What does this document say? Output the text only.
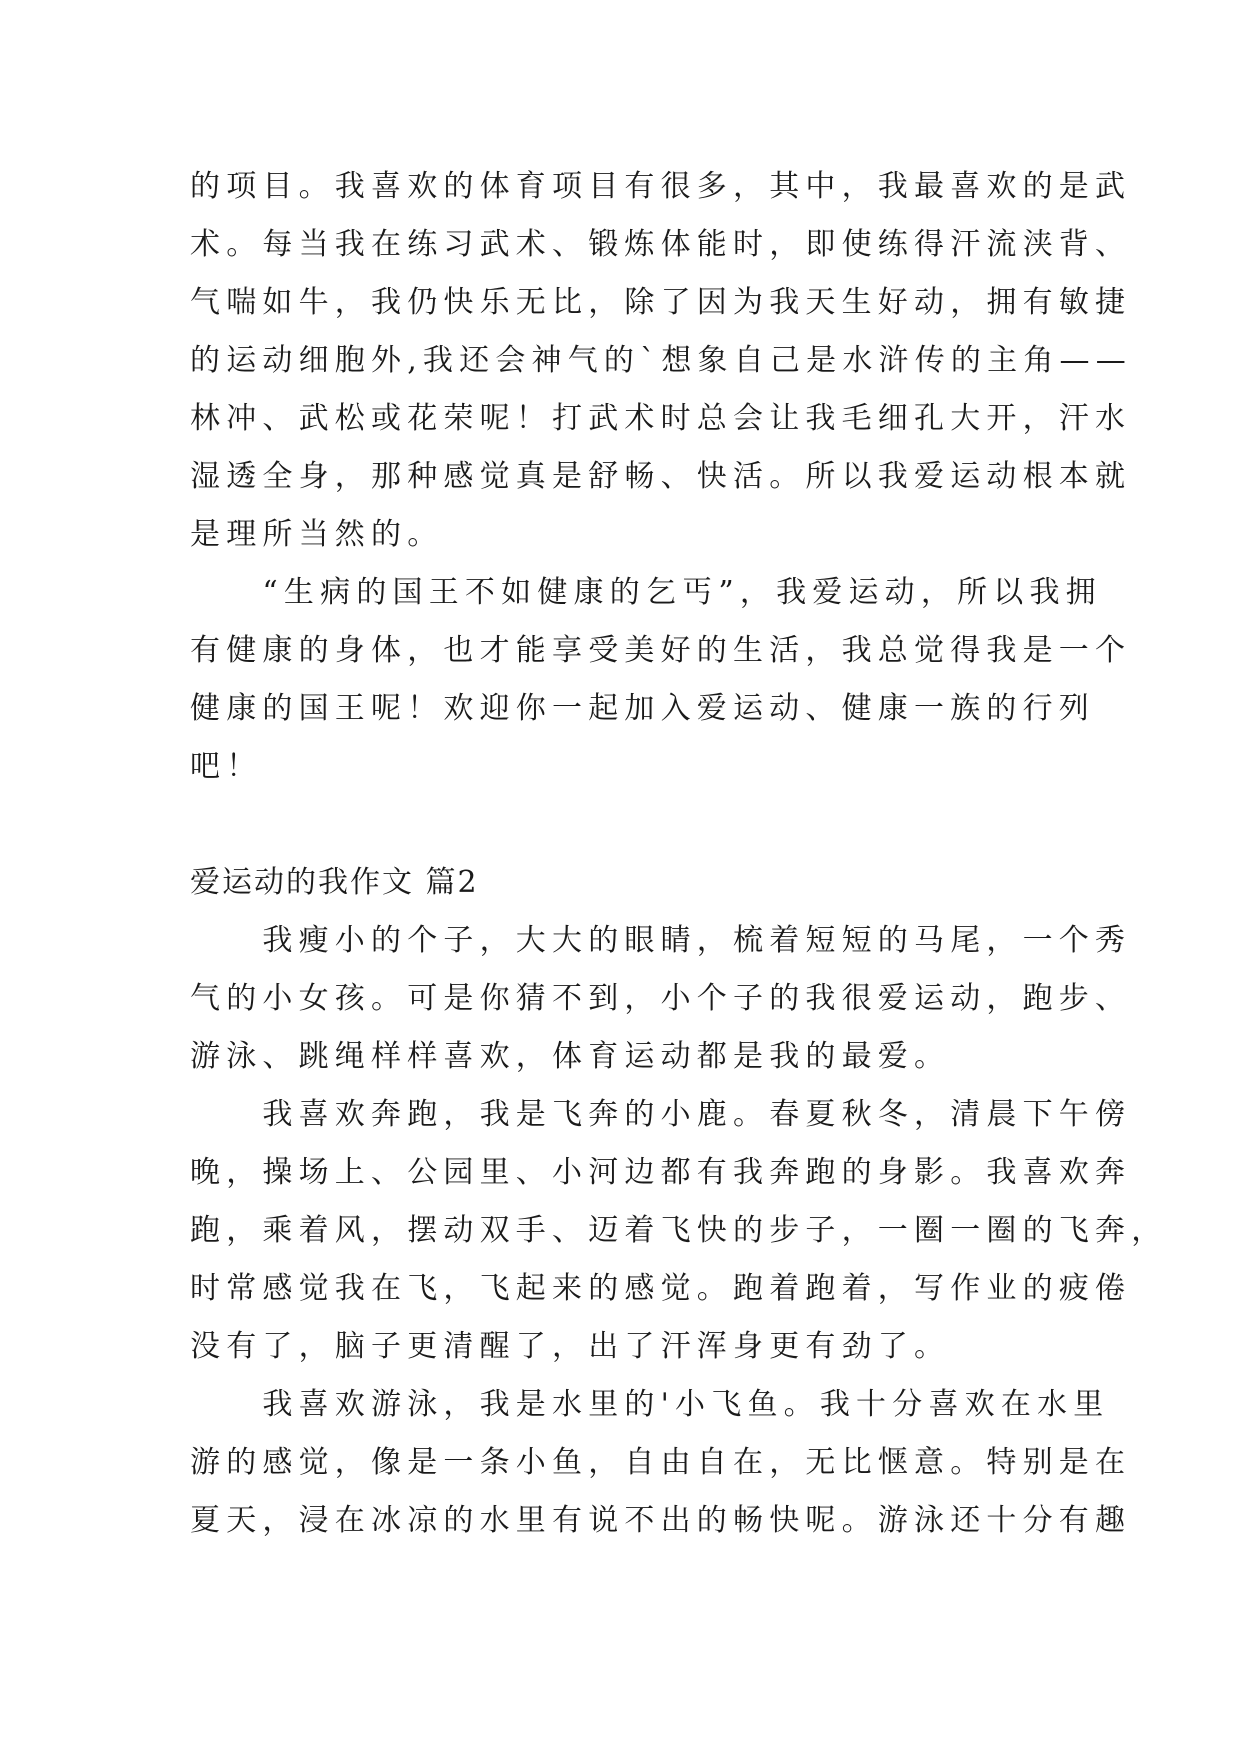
的项目。我喜欢的体育项目有很多，其中，我最喜欢的是武
术。每当我在练习武术、锻炼体能时，即使练得汗流浃背、
气喘如牛，我仍快乐无比，除了因为我天生好动，拥有敏捷
的运动细胞外,我还会神气的`想象自己是水浒传的主角——
林冲、武松或花荣呢！打武术时总会让我毛细孔大开，汗水
湿透全身，那种感觉真是舒畅、快活。所以我爱运动根本就
是理所当然的。
　　“生病的国王不如健康的乞丐”，我爱运动，所以我拥
有健康的身体，也才能享受美好的生活，我总觉得我是一个
健康的国王呢！欢迎你一起加入爱运动、健康一族的行列
吧！
爱运动的我作文 篇2
　　我瘦小的个子，大大的眼睛，梳着短短的马尾，一个秀
气的小女孩。可是你猜不到，小个子的我很爱运动，跑步、
游泳、跳绳样样喜欢，体育运动都是我的最爱。
　　我喜欢奔跑，我是飞奔的小鹿。春夏秋冬，清晨下午傍
晚，操场上、公园里、小河边都有我奔跑的身影。我喜欢奔
跑，乘着风，摆动双手、迈着飞快的步子，一圈一圈的飞奔，
时常感觉我在飞，飞起来的感觉。跑着跑着，写作业的疲倦
没有了，脑子更清醒了，出了汗浑身更有劲了。
　　我喜欢游泳，我是水里的'小飞鱼。我十分喜欢在水里
游的感觉，像是一条小鱼，自由自在，无比惬意。特别是在
夏天，浸在冰凉的水里有说不出的畅快呢。游泳还十分有趣
